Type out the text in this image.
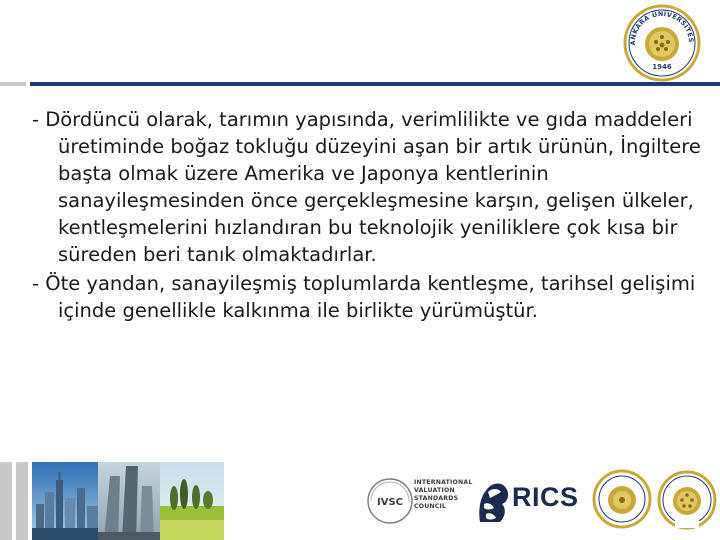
ANKARA ÜNİVERSİTES
1946

- Dördüncü olarak, tarımın yapısında, verimlilikte ve gıda maddeleri üretiminde boğaz tokluğu düzeyini aşan bir artık ürünün, İngiltere başta olmak üzere Amerika ve Japonya kentlerinin sanayileşmesinden önce gerçekleşmesine karşın, gelişen ülkeler, kentleşmelerini hızlandıran bu teknolojik yeniliklere çok kısa bir süreden beri tanık olmaktadırlar.

- Öte yandan, sanayileşmiş toplumlarda kentleşme, tarihsel gelişimi içinde genellikle kalkınma ile birlikte yürümüştür.

IVSC
INTERNATIONAL
VALUATION
STANDARDS
COUNCIL	RICS
